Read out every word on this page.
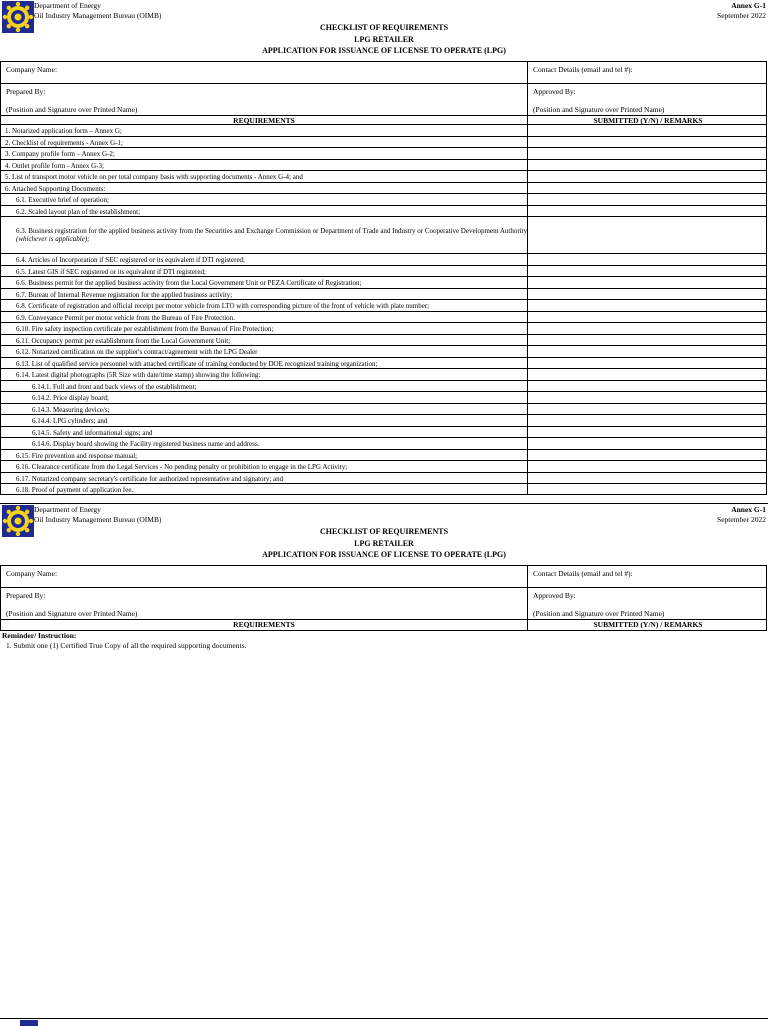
Department of Energy
Oil Industry Management Bureau (OIMB)
Annex G-1
September 2022
CHECKLIST OF REQUIREMENTS
LPG RETAILER
APPLICATION FOR ISSUANCE OF LICENSE TO OPERATE (LPG)
Company Name:	Contact Details (email and tel #):
Prepared By:	Approved By:
(Position and Signature over Printed Name)	(Position and Signature over Printed Name)
REQUIREMENTS	SUBMITTED (Y/N) / REMARKS
1. Notarized application form – Annex G;
2. Checklist of requirements - Annex G-1;
3. Company profile form – Annex G-2;
4. Outlet profile form - Annex G-3;
5. List of transport motor vehicle on per total company basis with supporting documents - Annex G-4; and
6. Attached Supporting Documents:
6.1. Executive brief of operation;
6.2. Scaled layout plan of the establishment;
6.3. Business registration for the applied business activity from the Securities and Exchange Commission or Department of Trade and Industry or Cooperative Development Authority (whichever is applicable);
6.4. Articles of Incorporation if SEC registered or its equivalent if DTI registered;
6.5. Latest GIS if SEC registered or its equivalent if DTI registered;
6.6. Business permit for the applied business activity from the Local Government Unit or PEZA Certificate of Registration;
6.7. Bureau of Internal Revenue registration for the applied business activity;
6.8. Certificate of registration and official receipt per motor vehicle from LTO with corresponding picture of the front of vehicle with plate number;
6.9. Conveyance Permit per motor vehicle from the Bureau of Fire Protection.
6.10. Fire safety inspection certificate per establishment from the Bureau of Fire Protection;
6.11. Occupancy permit per establishment from the Local Government Unit;
6.12. Notarized certification on the supplier's contract/agreement with the LPG Dealer
6.13. List of qualified service personnel with attached certificate of training conducted by DOE recognized training organization;
6.14. Latest digital photographs (5R Size with date/time stamp) showing the following:
6.14.1. Full and front and back views of the establishment;
6.14.2. Price display board;
6.14.3. Measuring device/s;
6.14.4. LPG cylinders; and
6.14.5. Safety and informational signs; and
6.14.6. Display board showing the Facility registered business name and address.
6.15. Fire prevention and response manual;
6.16. Clearance certificate from the Legal Services - No pending penalty or prohibition to engage in the LPG Activity;
6.17. Notarized company secretary's certificate for authorized representative and signatory; and
6.18. Proof of payment of application fee.
Department of Energy
Oil Industry Management Bureau (OIMB)
Annex G-1
September 2022
CHECKLIST OF REQUIREMENTS
LPG RETAILER
APPLICATION FOR ISSUANCE OF LICENSE TO OPERATE (LPG)
Company Name:	Contact Details (email and tel #):
Prepared By:	Approved By:
(Position and Signature over Printed Name)	(Position and Signature over Printed Name)
REQUIREMENTS	SUBMITTED (Y/N) / REMARKS
Reminder/ Instruction:
1. Submit one (1) Certified True Copy of all the required supporting documents.
